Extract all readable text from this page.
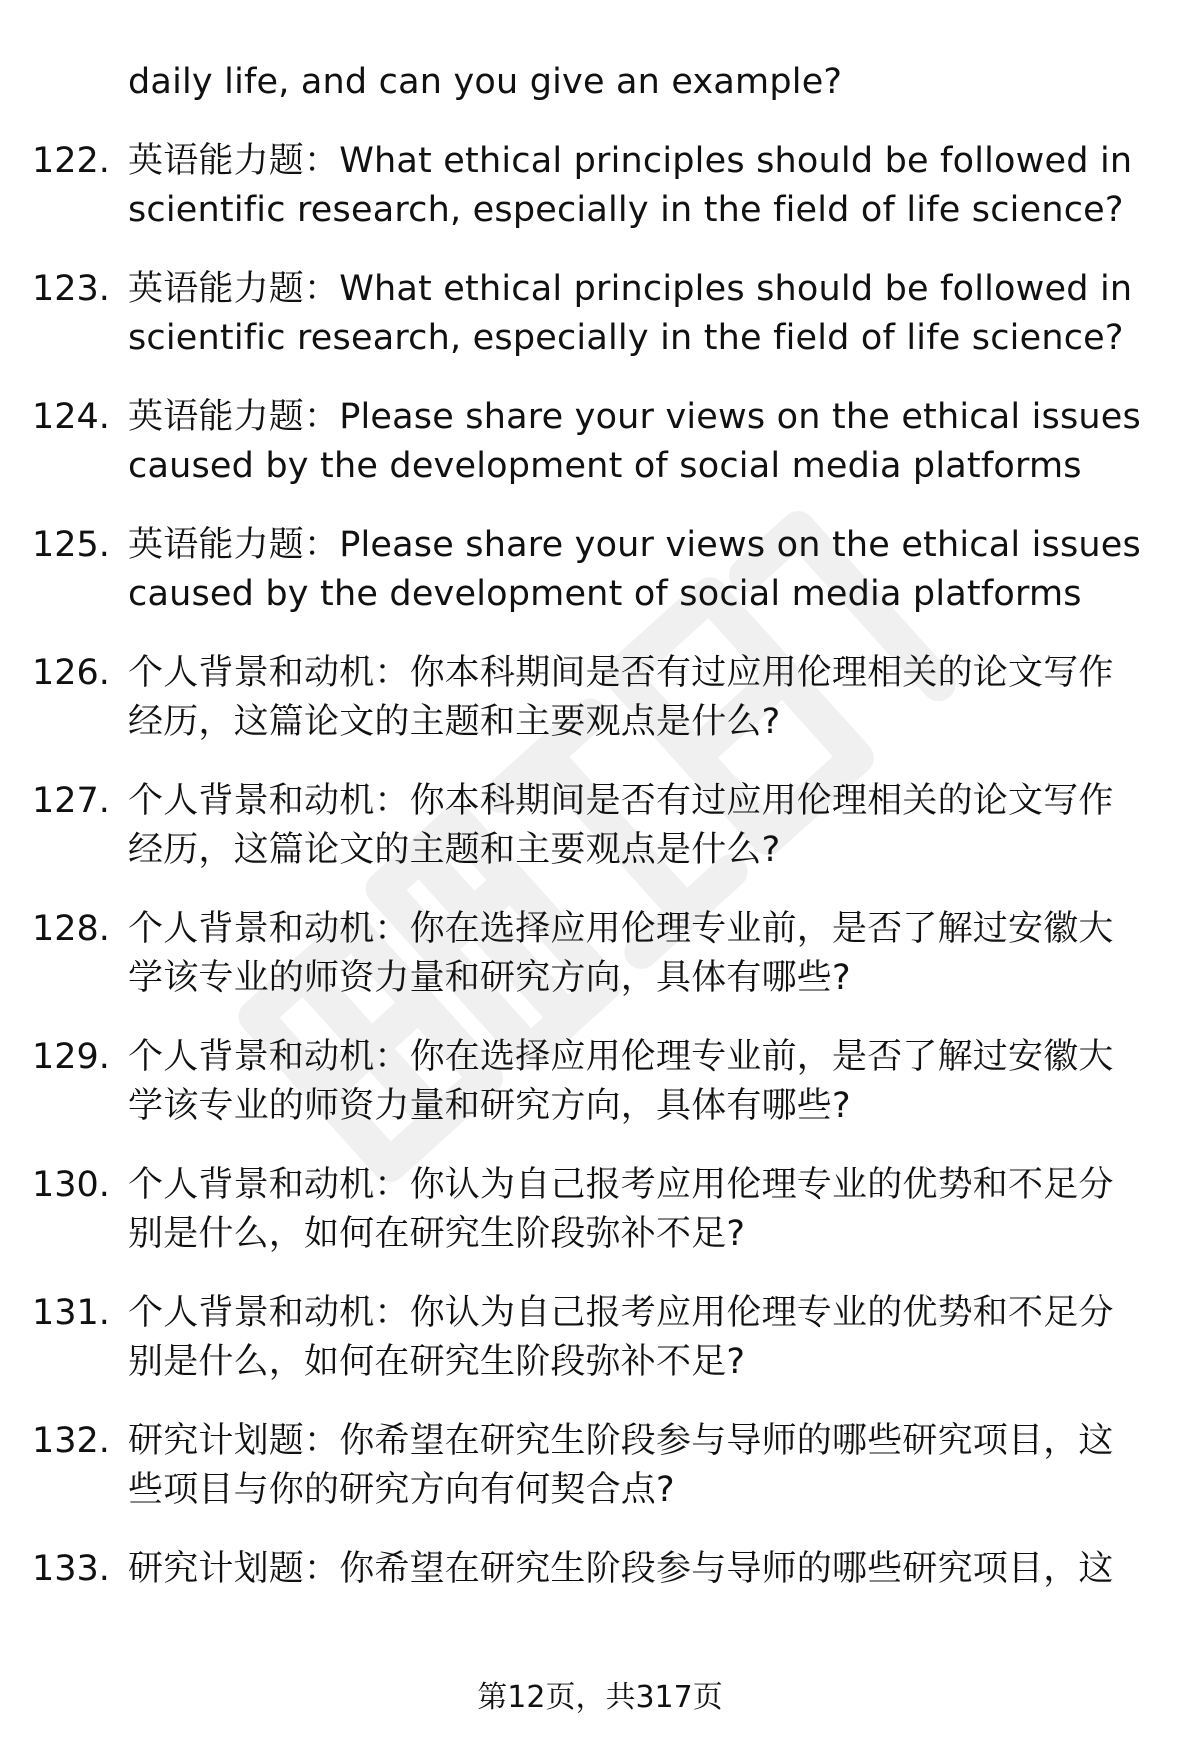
daily life, and can you give an example?
122. 英语能力题：What ethical principles should be followed in
scientific research, especially in the field of life science?
123. 英语能力题：What ethical principles should be followed in
scientific research, especially in the field of life science?
124. 英语能力题：Please share your views on the ethical issues
caused by the development of social media platforms
125. 英语能力题：Please share your views on the ethical issues
caused by the development of social media platforms
126. 个人背景和动机：你本科期间是否有过应用伦理相关的论文写作
经历，这篇论文的主题和主要观点是什么?
127. 个人背景和动机：你本科期间是否有过应用伦理相关的论文写作
经历，这篇论文的主题和主要观点是什么?
128. 个人背景和动机：你在选择应用伦理专业前，是否了解过安徽大
学该专业的师资力量和研究方向，具体有哪些?
129. 个人背景和动机：你在选择应用伦理专业前，是否了解过安徽大
学该专业的师资力量和研究方向，具体有哪些?
130. 个人背景和动机：你认为自己报考应用伦理专业的优势和不足分
别是什么，如何在研究生阶段弥补不足?
131. 个人背景和动机：你认为自己报考应用伦理专业的优势和不足分
别是什么，如何在研究生阶段弥补不足?
132. 研究计划题：你希望在研究生阶段参与导师的哪些研究项目，这
些项目与你的研究方向有何契合点?
133. 研究计划题：你希望在研究生阶段参与导师的哪些研究项目，这
第12页，共317页
